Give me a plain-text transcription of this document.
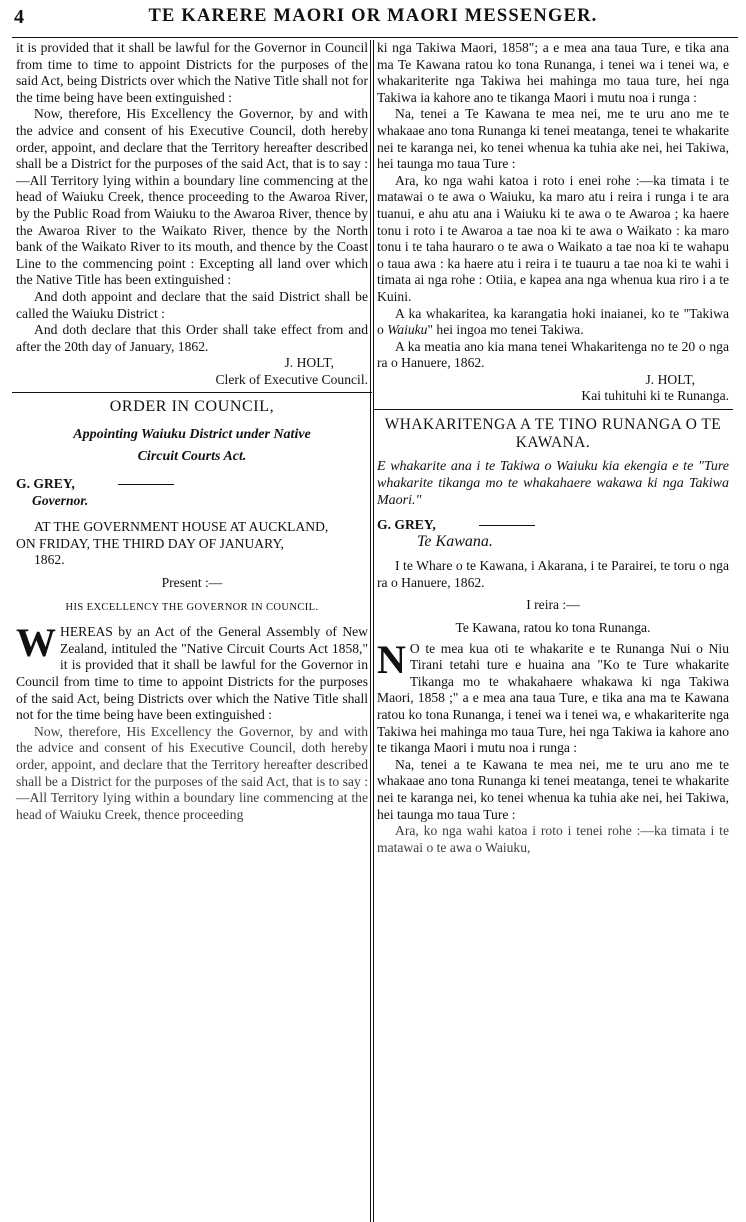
4	TE KARERE MAORI OR MAORI MESSENGER.

it is provided that it shall be lawful for the Governor in Council from time to time to appoint Districts for the purposes of the said Act, being Districts over which the Native Title shall not for the time being have been extinguished :

Now, therefore, His Excellency the Governor, by and with the advice and consent of his Executive Council, doth hereby order, appoint, and declare that the Territory hereafter described shall be a District for the purposes of the said Act, that is to say :—All Territory lying within a boundary line commencing at the head of Waiuku Creek, thence proceeding to the Awaroa River, by the Public Road from Waiuku to the Awaroa River, thence by the Awaroa River to the Waikato River, thence by the North bank of the Waikato River to its mouth, and thence by the Coast Line to the commencing point : Excepting all land over which the Native Title has been extinguished :

And doth appoint and declare that the said District shall be called the Waiuku District :

And doth declare that this Order shall take effect from and after the 20th day of January, 1862.

J. HOLT,

Clerk of Executive Council.

ORDER IN COUNCIL,
Appointing Waiuku District under Native
Circuit Courts Act.
G. GREY,
Governor.

AT THE GOVERNMENT HOUSE AT AUCKLAND,

ON FRIDAY, THE THIRD DAY OF JANUARY,

1862.

Present :—

HIS EXCELLENCY THE GOVERNOR IN COUNCIL.

WHEREAS by an Act of the General Assembly of New Zealand, intituled the "Native Circuit Courts Act 1858," it is provided that it shall be lawful for the Governor in Council from time to time to appoint Districts for the purposes of the said Act, being Districts over which the Native Title shall not for the time being have been extinguished :

Now, therefore, His Excellency the Governor, by and with the advice and consent of his Executive Council, doth hereby order, appoint, and declare that the Territory hereafter described shall be a District for the purposes of the said Act, that is to say :—All Territory lying within a boundary line commencing at the head of Waiuku Creek, thence proceeding

ki nga Takiwa Maori, 1858"; a e mea ana taua Ture, e tika ana ma Te Kawana ratou ko tona Runanga, i tenei wa i tenei wa, e whakariterite nga Takiwa hei mahinga mo taua ture, hei nga Takiwa ia kahore ano te tikanga Maori i mutu noa i runga :

Na, tenei a Te Kawana te mea nei, me te uru ano me te whakaae ano tona Runanga ki tenei meatanga, tenei te whakarite nei te karanga nei, ko tenei whenua ka tuhia ake nei, hei Takiwa, hei taunga mo taua Ture :

Ara, ko nga wahi katoa i roto i enei rohe :—ka timata i te matawai o te awa o Waiuku, ka maro atu i reira i runga i te ara tuanui, e ahu atu ana i Waiuku ki te awa o te Awaroa ; ka haere tonu i roto i te Awaroa a tae noa ki te awa o Waikato : ka maro tonu i te taha hauraro o te awa o Waikato a tae noa ki te wahapu o taua awa : ka haere atu i reira i te tuauru a tae noa ki te wahi i timata ai nga rohe : Otiia, e kapea ana nga whenua kua riro i a te Kuini.

A ka whakaritea, ka karangatia hoki inaianei, ko te "Takiwa o Waiuku" hei ingoa mo tenei Takiwa.

A ka meatia ano kia mana tenei Whakaritenga no te 20 o nga ra o Hanuere, 1862.

J. HOLT,

Kai tuhituhi ki te Runanga.

WHAKARITENGA A TE TINO RUNANGA O TE KAWANA.
E whakarite ana i te Takiwa o Waiuku kia ekengia e te "Ture whakarite tikanga mo te whakahaere wakawa ki nga Takiwa Maori."
G. GREY,
Te Kawana.

I te Whare o te Kawana, i Akarana, i te Parairei, te toru o nga ra o Hanuere, 1862.

I reira :—

Te Kawana, ratou ko tona Runanga.

N O te mea kua oti te whakarite e te Runanga Nui o Niu Tirani tetahi ture e huaina ana "Ko te Ture whakarite Tikanga mo te whakahaere whakawa ki nga Takiwa Maori, 1858 ;" a e mea ana taua Ture, e tika ana ma te Kawana ratou ko tona Runanga, i tenei wa i tenei wa, e whakariterite nga Takiwa hei mahinga mo taua Ture, hei nga Takiwa ia kahore ano te tikanga Maori i mutu noa i runga :

Na, tenei a te Kawana te mea nei, me te uru ano me te whakaae ano tona Runanga ki tenei meatanga, tenei te whakarite nei te karanga nei, ko tenei whenua ka tuhia ake nei, hei Takiwa, hei taunga mo taua Ture :

Ara, ko nga wahi katoa i roto i tenei rohe :—ka timata i te matawai o te awa o Waiuku,
